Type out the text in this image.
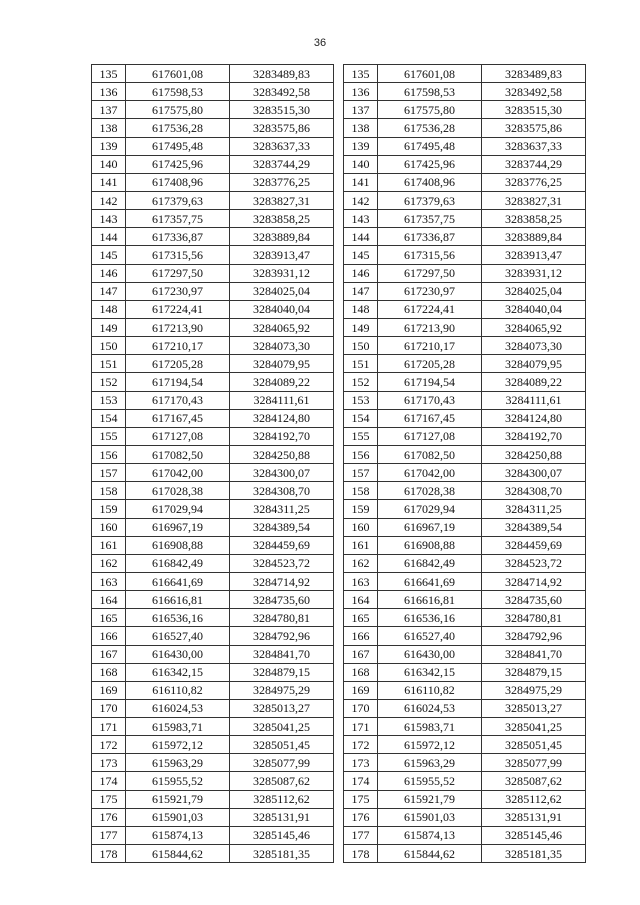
36
135	617601,08	3283489,83
136	617598,53	3283492,58
137	617575,80	3283515,30
138	617536,28	3283575,86
139	617495,48	3283637,33
140	617425,96	3283744,29
141	617408,96	3283776,25
142	617379,63	3283827,31
143	617357,75	3283858,25
144	617336,87	3283889,84
145	617315,56	3283913,47
146	617297,50	3283931,12
147	617230,97	3284025,04
148	617224,41	3284040,04
149	617213,90	3284065,92
150	617210,17	3284073,30
151	617205,28	3284079,95
152	617194,54	3284089,22
153	617170,43	3284111,61
154	617167,45	3284124,80
155	617127,08	3284192,70
156	617082,50	3284250,88
157	617042,00	3284300,07
158	617028,38	3284308,70
159	617029,94	3284311,25
160	616967,19	3284389,54
161	616908,88	3284459,69
162	616842,49	3284523,72
163	616641,69	3284714,92
164	616616,81	3284735,60
165	616536,16	3284780,81
166	616527,40	3284792,96
167	616430,00	3284841,70
168	616342,15	3284879,15
169	616110,82	3284975,29
170	616024,53	3285013,27
171	615983,71	3285041,25
172	615972,12	3285051,45
173	615963,29	3285077,99
174	615955,52	3285087,62
175	615921,79	3285112,62
176	615901,03	3285131,91
177	615874,13	3285145,46
178	615844,62	3285181,35
135	617601,08	3283489,83
136	617598,53	3283492,58
137	617575,80	3283515,30
138	617536,28	3283575,86
139	617495,48	3283637,33
140	617425,96	3283744,29
141	617408,96	3283776,25
142	617379,63	3283827,31
143	617357,75	3283858,25
144	617336,87	3283889,84
145	617315,56	3283913,47
146	617297,50	3283931,12
147	617230,97	3284025,04
148	617224,41	3284040,04
149	617213,90	3284065,92
150	617210,17	3284073,30
151	617205,28	3284079,95
152	617194,54	3284089,22
153	617170,43	3284111,61
154	617167,45	3284124,80
155	617127,08	3284192,70
156	617082,50	3284250,88
157	617042,00	3284300,07
158	617028,38	3284308,70
159	617029,94	3284311,25
160	616967,19	3284389,54
161	616908,88	3284459,69
162	616842,49	3284523,72
163	616641,69	3284714,92
164	616616,81	3284735,60
165	616536,16	3284780,81
166	616527,40	3284792,96
167	616430,00	3284841,70
168	616342,15	3284879,15
169	616110,82	3284975,29
170	616024,53	3285013,27
171	615983,71	3285041,25
172	615972,12	3285051,45
173	615963,29	3285077,99
174	615955,52	3285087,62
175	615921,79	3285112,62
176	615901,03	3285131,91
177	615874,13	3285145,46
178	615844,62	3285181,35
